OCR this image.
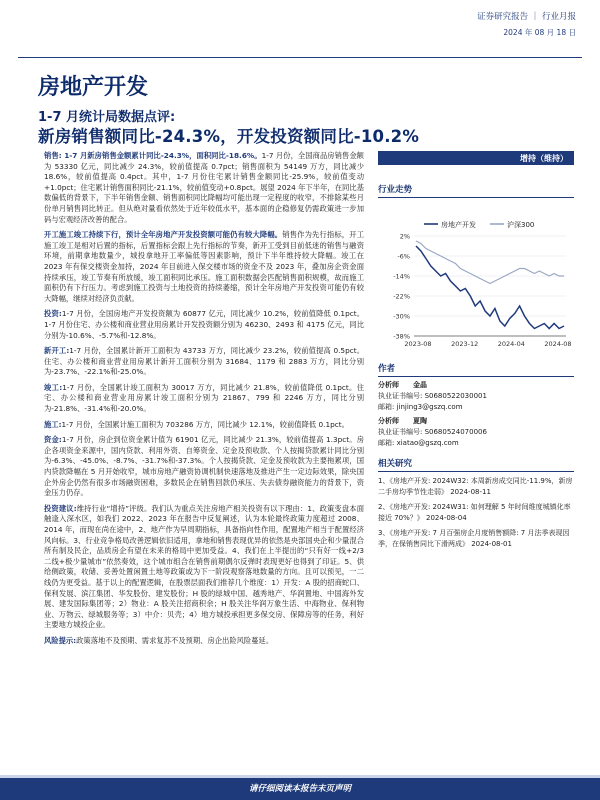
证券研究报告 ｜ 行业月报
2024 年 08 月 18 日
房地产开发
1-7 月统计局数据点评:
新房销售额同比-24.3%，开发投资额同比-10.2%

销售: 1-7 月新房销售金额累计同比-24.3%，面积同比-18.6%。1-7 月份，全国商品房销售金额为 53330 亿元，同比减少 24.3%，较前值提高 0.7pct；销售面积为 54149 万方，同比减少 18.6%，较前值提高 0.4pct。其中，1-7 月份住宅累计销售金额同比-25.9%，较前值变动+1.0pct；住宅累计销售面积同比-21.1%，较前值变动+0.8pct。展望 2024 年下半年，在同比基数偏低的背景下，下半年销售金额、销售面积同比降幅均可能出现一定程度的收窄，不排除某些月份单月销售同比转正。但从绝对量看依然处于近年较低水平，基本面的企稳修复仍需政策进一步加码与宏观经济改善的配合。

开工施工竣工持续下行，预计全年房地产开发投资额可能仍有较大降幅。销售作为先行指标，开工施工竣工是相对后置的指标，后置指标会跟上先行指标的节奏，新开工受到目前低迷的销售与融资环境，前期拿地数量少，城投拿地开工率偏低等因素影响，预计下半年维持较大降幅。竣工在 2023 年有保交楼资金加持，2024 年目前进入保交楼市场的资金不及 2023 年，叠加房企资金面持续承压，竣工节奏有所放缓，竣工面积同比承压。施工面积数据会匹配销售面积规模，故而施工面积仍有下行压力。考虑到施工投资与土地投资的持续萎缩，预计全年房地产开发投资可能仍有较大降幅，继续对经济负贡献。

投资:1-7 月份，全国房地产开发投资额为 60877 亿元，同比减少 10.2%，较前值降低 0.1pct。1-7 月份住宅、办公楼和商业营业用房累计开发投资额分别为 46230、2493 和 4175 亿元，同比分别为-10.6%、-5.7%和-12.8%。

新开工:1-7 月份，全国累计新开工面积为 43733 万方，同比减少 23.2%，较前值提高 0.5pct。住宅、办公楼和商业营业用房累计新开工面积分别为 31684、1179 和 2883 万方，同比分别为-23.7%、-22.1%和-25.0%。

竣工:1-7 月份，全国累计竣工面积为 30017 万方，同比减少 21.8%，较前值降低 0.1pct。住宅、办公楼和商业营业用房累计竣工面积分别为 21867、799 和 2246 万方，同比分别为-21.8%、-31.4%和-20.0%。

施工:1-7 月份，全国累计施工面积为 703286 万方，同比减少 12.1%，较前值降低 0.1pct。

资金:1-7 月份，房企到位资金累计值为 61901 亿元，同比减少 21.3%，较前值提高 1.3pct。房企各项资金来源中，国内贷款、利用外资、自筹资金、定金及预收款、个人按揭贷款累计同比分别为-6.3%、-45.0%、-8.7%、-31.7%和-37.3%。个人按揭贷款、定金及预收款为主要拖累项，国内贷款降幅在 5 月开始收窄，城市房地产融资协调机制快速落地及推进产生一定边际效果，除央国企外房企仍然有很多市场融资困难，多数民企在销售回款仍承压、失去债券融资能力的背景下，资金压力仍存。

投资建议:维持行业“增持”评级。我们认为重点关注房地产相关投资有以下理由：1、政策变盘本面触逢入深水区，如我们 2022、2023 年在报告中反复阐述，认为本轮最终政策力度超过 2008、2014 年，而现在尚在途中，2、地产作为早周期指标，具备指向性作用，配置地产相当于配置经济风向标。3、行业竞争格局改善逻辑依旧适用，拿地和销售表现优异的依然是央部国央企和少量混合所有制及民企，品质房企有望在未来的格局中更加受益。4、我们在上半提出的“只有好一线+2/3 二线+极少量城市”依然奏效，这个城市组合在销售前期偶尔反弹时表现更好也得到了印证。5、供给侧政策，收储、妥善处置闲置土地等政策或为下一阶段观察落地数量的方向。且可以预见，一二线仍为更受益。基于以上的配置逻辑，在股票层面我们推荐几个维度：1）开发：A 股的招商蛇口、保利发展、滨江集团、华发股份、建发股份；H 股的绿城中国、越秀地产、华润置地、中国海外发展、建发国际集团等；2）物业：A 股关注招商积余；H 股关注华润万象生活、中海物业、保利物业、万物云、绿城服务等；3）中介：贝壳；4）地方城投承担更多保交房、保障房等的任务，利好主要地方城投企业。

风险提示:政策落地不及预期、需求复苏不及预期、房企出险风险蔓延。

增持（维持）
行业走势
2%
-6%
-14%
-22%
-30%
-38%
2023-08	2023-12	2024-04	2024-08
房地产开发	沪深300
作者
分析师 金晶
执业证书编号: S0680522030001
邮箱: jinjing3@gszq.com
分析师 夏陶
执业证书编号: S0680524070006
邮箱: xiatao@gszq.com
相关研究
1、《房地产开发: 2024W32: 本周新房成交同比-11.9%，新房二手房均季节性走弱》 2024-08-11
2、《房地产开发: 2024W31: 如何理解 5 年时间维度城镇化率接近 70%？》 2024-08-04
3、《房地产开发: 7 月百强房企月度销售额降: 7 月法季表现因季，在保销售同比下滑两成》 2024-08-01
请仔细阅读本报告末页声明
